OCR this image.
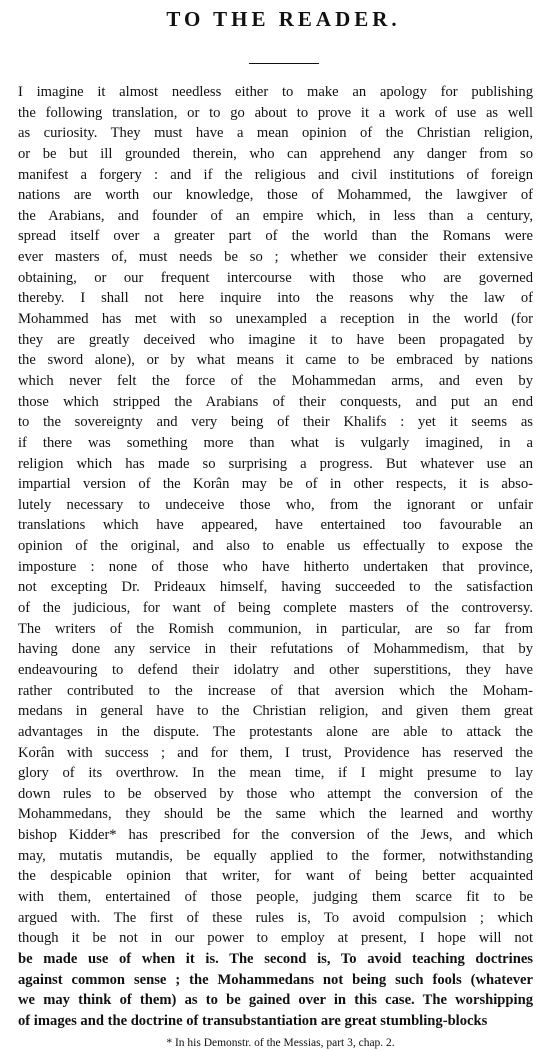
TO THE READER.
I imagine it almost needless either to make an apology for publishing
the following translation, or to go about to prove it a work of use as well
as curiosity. They must have a mean opinion of the Christian religion,
or be but ill grounded therein, who can apprehend any danger from so
manifest a forgery : and if the religious and civil institutions of foreign
nations are worth our knowledge, those of Mohammed, the lawgiver of
the Arabians, and founder of an empire which, in less than a century,
spread itself over a greater part of the world than the Romans were
ever masters of, must needs be so ; whether we consider their extensive
obtaining, or our frequent intercourse with those who are governed
thereby. I shall not here inquire into the reasons why the law of
Mohammed has met with so unexampled a reception in the world (for
they are greatly deceived who imagine it to have been propagated by
the sword alone), or by what means it came to be embraced by nations
which never felt the force of the Mohammedan arms, and even by
those which stripped the Arabians of their conquests, and put an end
to the sovereignty and very being of their Khalifs : yet it seems as
if there was something more than what is vulgarly imagined, in a
religion which has made so surprising a progress. But whatever use an
impartial version of the Korân may be of in other respects, it is abso-
lutely necessary to undeceive those who, from the ignorant or unfair
translations which have appeared, have entertained too favourable an
opinion of the original, and also to enable us effectually to expose the
imposture : none of those who have hitherto undertaken that province,
not excepting Dr. Prideaux himself, having succeeded to the satisfaction
of the judicious, for want of being complete masters of the controversy.
The writers of the Romish communion, in particular, are so far from
having done any service in their refutations of Mohammedism, that by
endeavouring to defend their idolatry and other superstitions, they have
rather contributed to the increase of that aversion which the Moham-
medans in general have to the Christian religion, and given them great
advantages in the dispute. The protestants alone are able to attack the
Korân with success ; and for them, I trust, Providence has reserved the
glory of its overthrow. In the mean time, if I might presume to lay
down rules to be observed by those who attempt the conversion of the
Mohammedans, they should be the same which the learned and worthy
bishop Kidder* has prescribed for the conversion of the Jews, and which
may, mutatis mutandis, be equally applied to the former, notwithstanding
the despicable opinion that writer, for want of being better acquainted
with them, entertained of those people, judging them scarce fit to be
argued with. The first of these rules is, To avoid compulsion ; which
though it be not in our power to employ at present, I hope will not
be made use of when it is. The second is, To avoid teaching doctrines
against common sense ; the Mohammedans not being such fools (whatever
we may think of them) as to be gained over in this case. The worshipping
of images and the doctrine of transubstantiation are great stumbling-blocks
* In his Demonstr. of the Messias, part 3, chap. 2.
